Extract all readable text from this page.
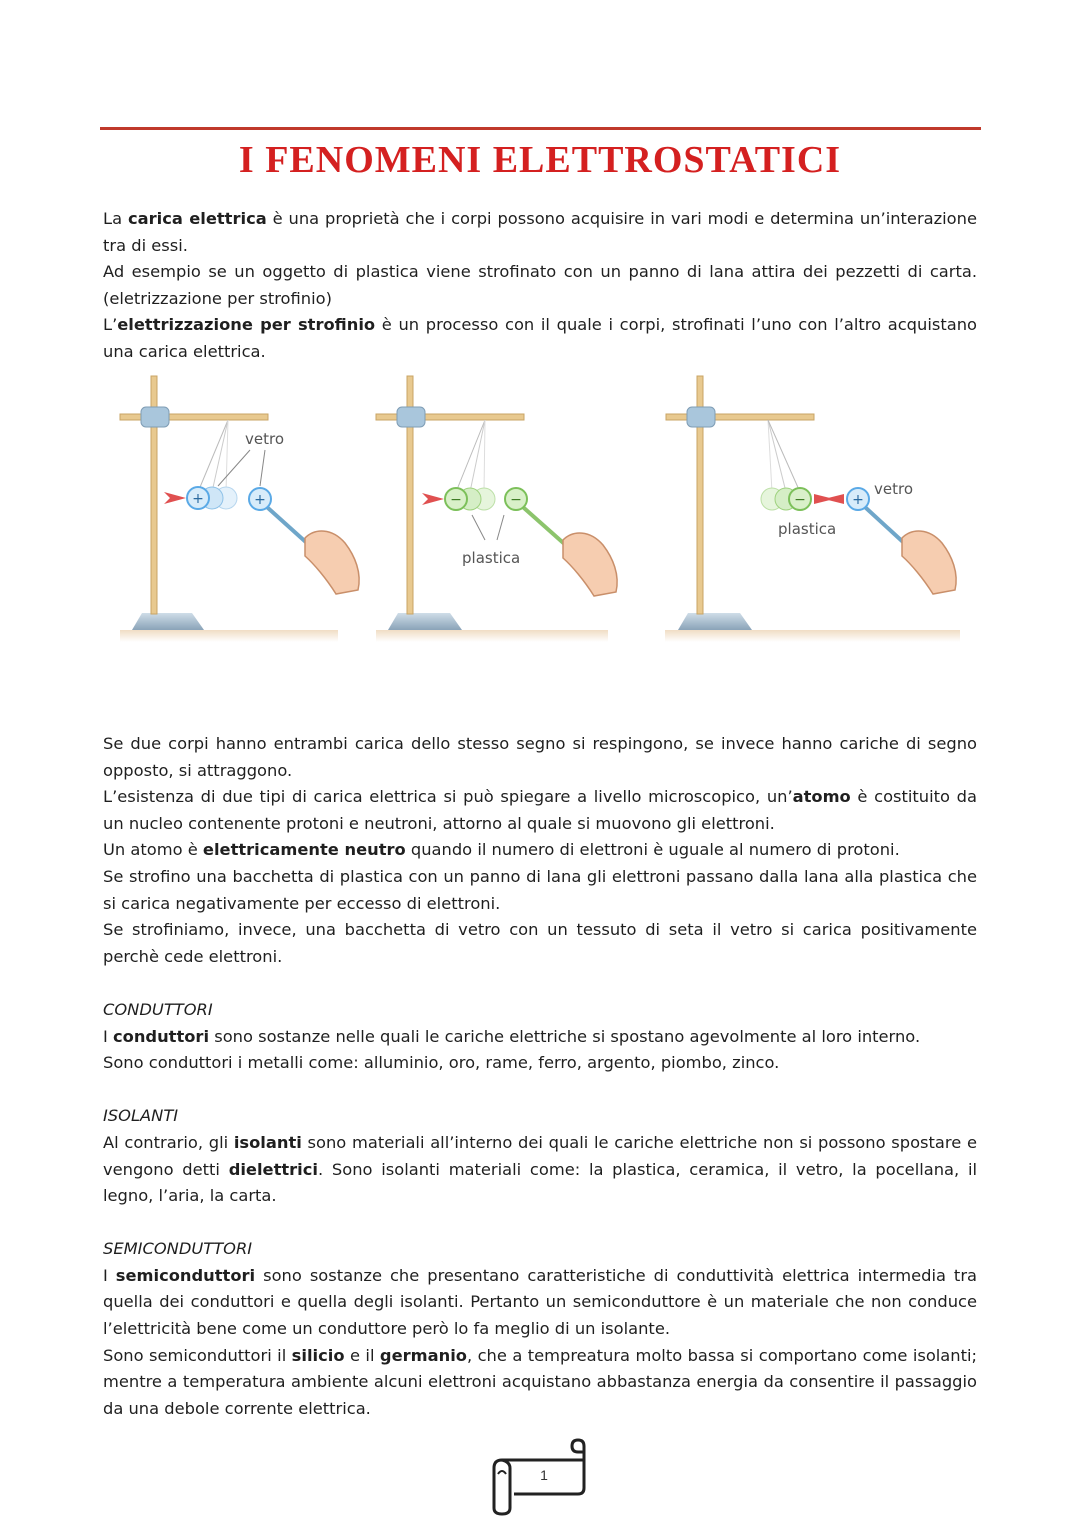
I FENOMENI ELETTROSTATICI

La carica elettrica è una proprietà che i corpi possono acquisire in vari modi e determina un’interazione tra di essi.

Ad esempio se un oggetto di plastica viene strofinato con un panno di lana attira dei pezzetti di carta. (eletrizzazione per strofinio)

L’elettrizzazione per strofinio è un processo con il quale i corpi, strofinati l’uno con l’altro acquistano una carica elettrica.

+	+
vetro
−	−
plastica
−	+
plastica
vetro

Se due corpi hanno entrambi carica dello stesso segno si respingono, se invece hanno cariche di segno opposto, si attraggono.

L’esistenza di due tipi di carica elettrica si può spiegare a livello microscopico, un’atomo è costituito da un nucleo contenente protoni e neutroni, attorno al quale si muovono gli elettroni.

Un atomo è elettricamente neutro quando il numero di elettroni è uguale al numero di protoni.

Se strofino una bacchetta di plastica con un panno di lana gli elettroni passano dalla lana alla plastica che si carica negativamente per eccesso di elettroni.

Se strofiniamo, invece, una bacchetta di vetro con un tessuto di seta il vetro si carica positivamente perchè cede elettroni.

CONDUTTORI

I conduttori sono sostanze nelle quali le cariche elettriche si spostano agevolmente al loro interno.

Sono conduttori i metalli come: alluminio, oro, rame, ferro, argento, piombo, zinco.

ISOLANTI

Al contrario, gli isolanti sono materiali all’interno dei quali le cariche elettriche non si possono spostare e vengono detti dielettrici. Sono isolanti materiali come: la plastica, ceramica, il vetro, la pocellana, il legno, l’aria, la carta.

SEMICONDUTTORI

I semiconduttori sono sostanze che presentano caratteristiche di conduttività elettrica intermedia tra quella dei conduttori e quella degli isolanti. Pertanto un semiconduttore è un materiale che non conduce l’elettricità bene come un conduttore però lo fa meglio di un isolante.

Sono semiconduttori il silicio e il germanio, che a tempreatura molto bassa si comportano come isolanti; mentre a temperatura ambiente alcuni elettroni acquistano abbastanza energia da consentire il passaggio da una debole corrente elettrica.

1
